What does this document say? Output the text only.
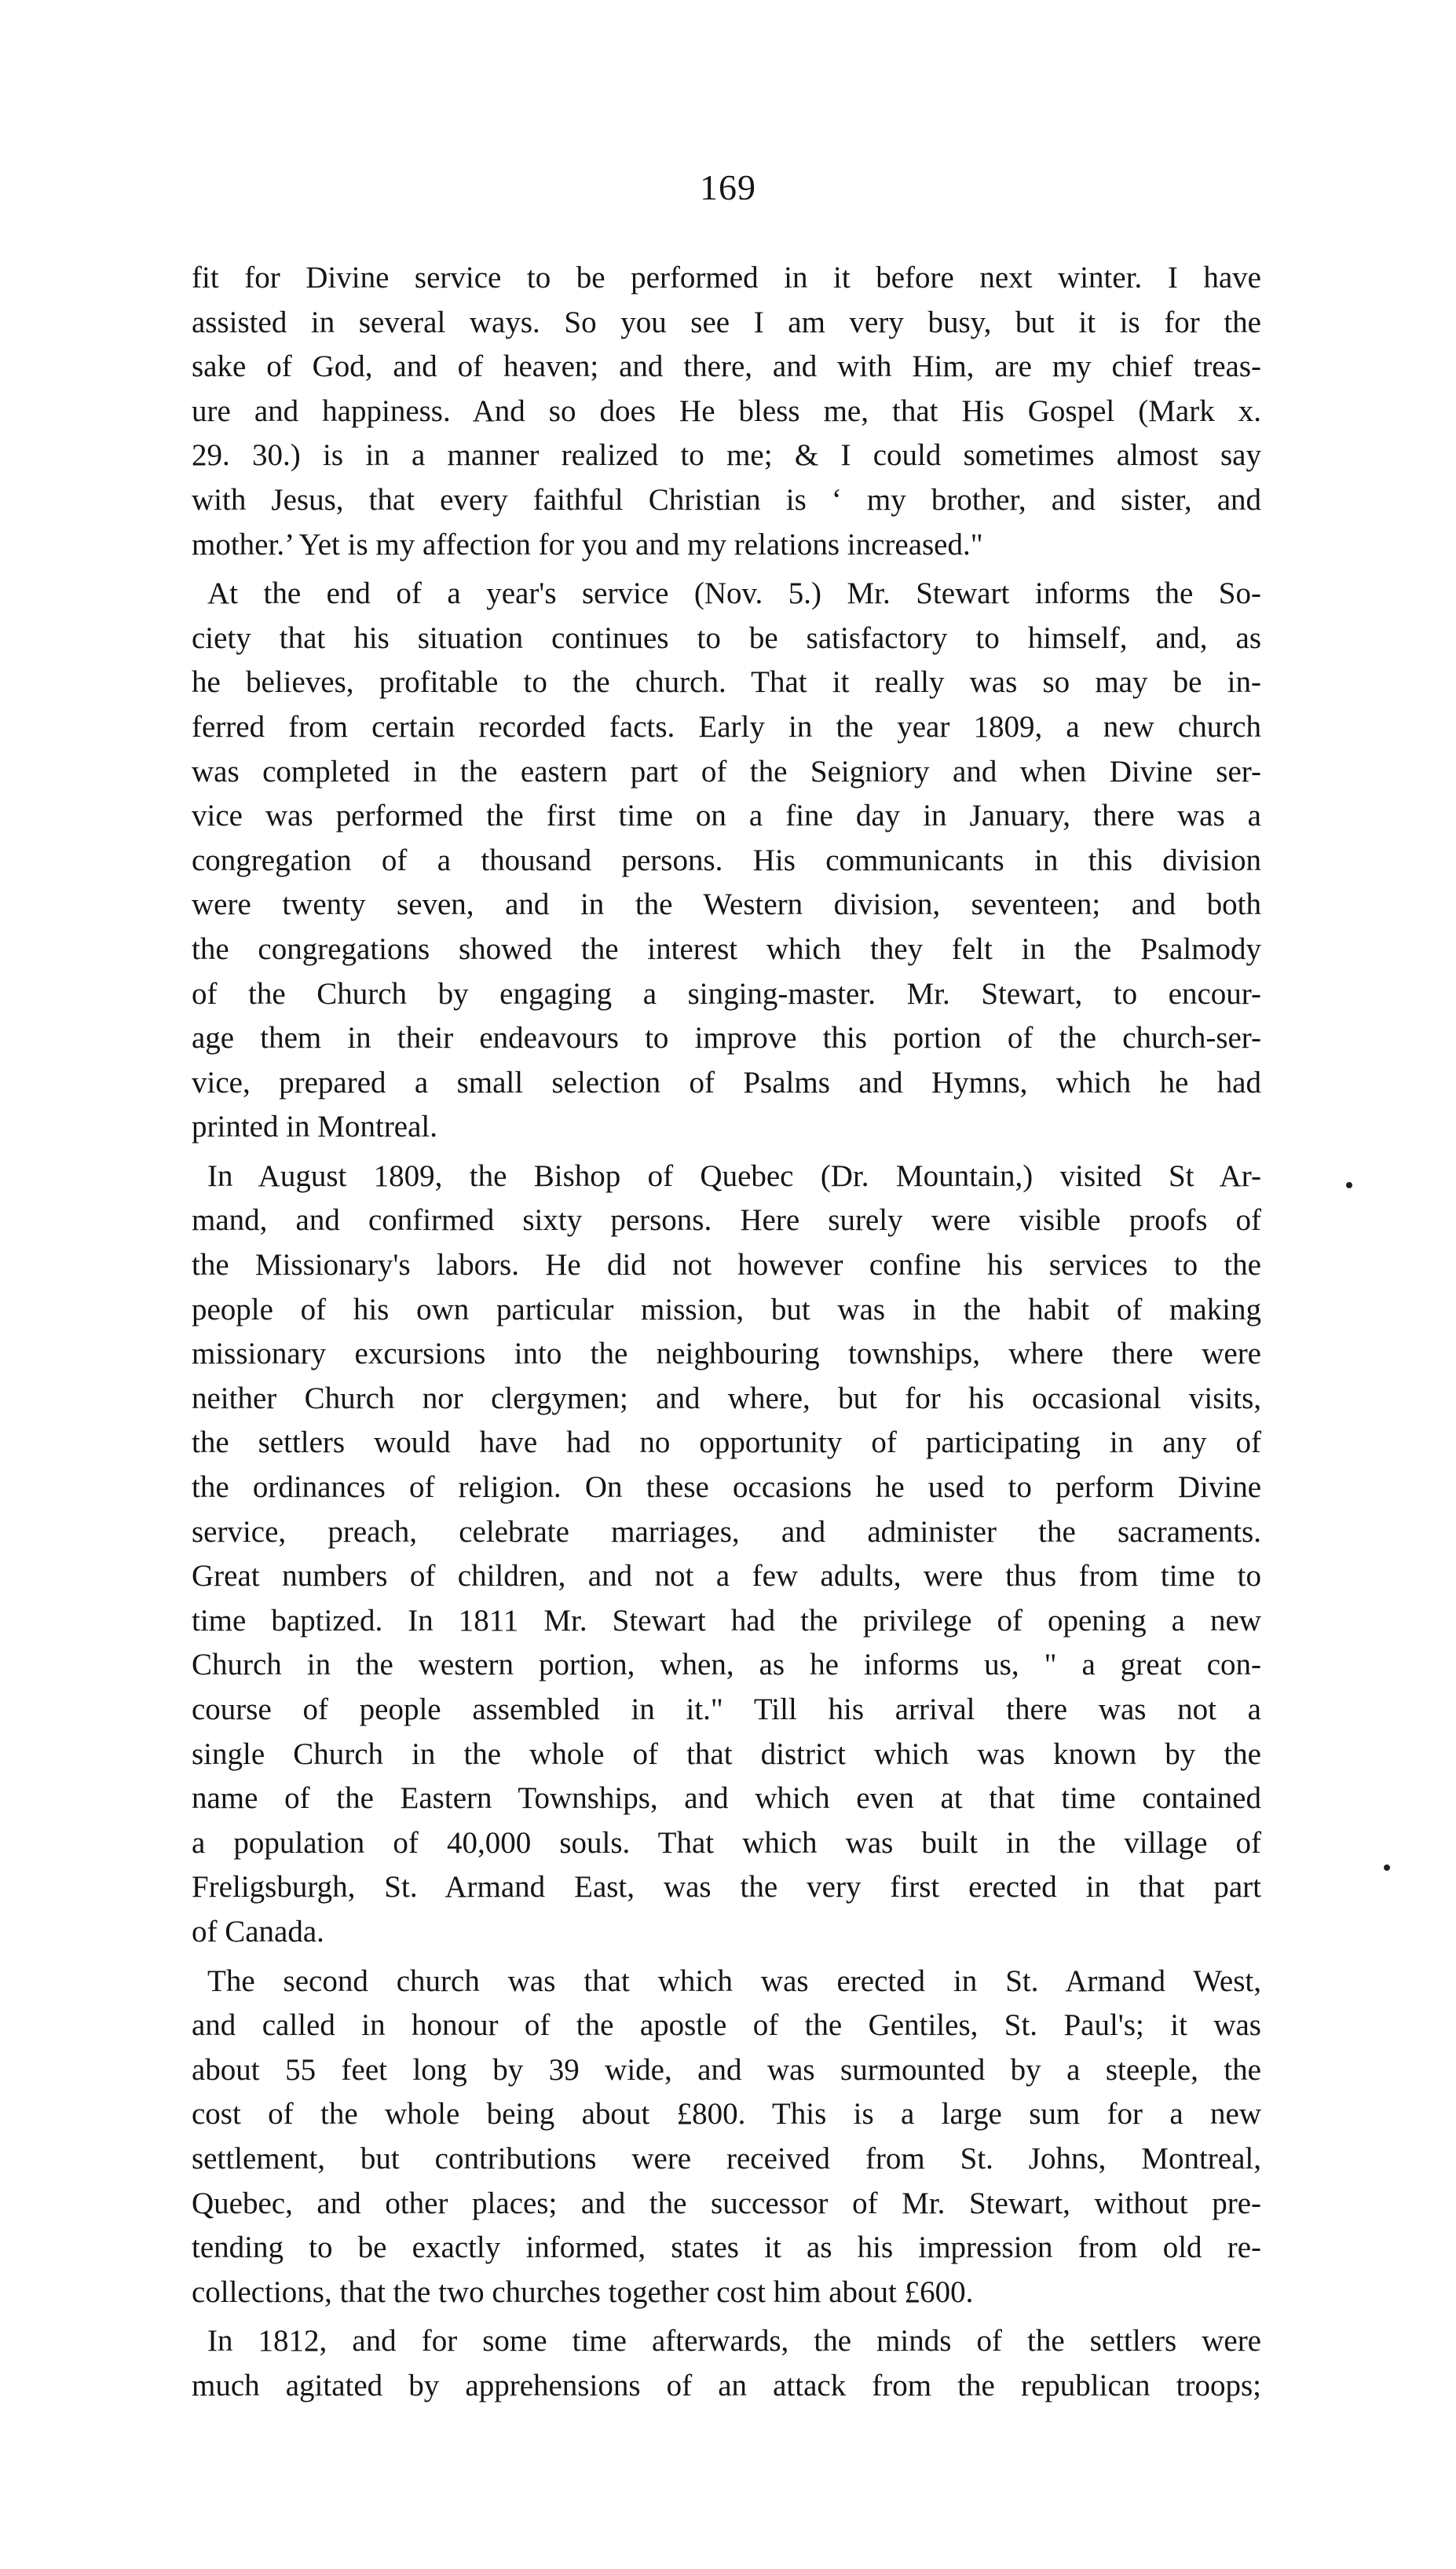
169
fit for Divine service to be performed in it before next winter. I have
assisted in several ways. So you see I am very busy, but it is for the
sake of God, and of heaven; and there, and with Him, are my chief treas-
ure and happiness. And so does He bless me, that His Gospel (Mark x.
29. 30.) is in a manner realized to me; & I could sometimes almost say
with Jesus, that every faithful Christian is ‘ my brother, and sister, and
mother.’ Yet is my affection for you and my relations increased."
At the end of a year's service (Nov. 5.) Mr. Stewart informs the So-
ciety that his situation continues to be satisfactory to himself, and, as
he believes, profitable to the church. That it really was so may be in-
ferred from certain recorded facts. Early in the year 1809, a new church
was completed in the eastern part of the Seigniory and when Divine ser-
vice was performed the first time on a fine day in January, there was a
congregation of a thousand persons. His communicants in this division
were twenty seven, and in the Western division, seventeen; and both
the congregations showed the interest which they felt in the Psalmody
of the Church by engaging a singing-master. Mr. Stewart, to encour-
age them in their endeavours to improve this portion of the church-ser-
vice, prepared a small selection of Psalms and Hymns, which he had
printed in Montreal.
In August 1809, the Bishop of Quebec (Dr. Mountain,) visited St Ar-
mand, and confirmed sixty persons. Here surely were visible proofs of
the Missionary's labors. He did not however confine his services to the
people of his own particular mission, but was in the habit of making
missionary excursions into the neighbouring townships, where there were
neither Church nor clergymen; and where, but for his occasional visits,
the settlers would have had no opportunity of participating in any of
the ordinances of religion. On these occasions he used to perform Divine
service, preach, celebrate marriages, and administer the sacraments.
Great numbers of children, and not a few adults, were thus from time to
time baptized. In 1811 Mr. Stewart had the privilege of opening a new
Church in the western portion, when, as he informs us, " a great con-
course of people assembled in it." Till his arrival there was not a
single Church in the whole of that district which was known by the
name of the Eastern Townships, and which even at that time contained
a population of 40,000 souls. That which was built in the village of
Freligsburgh, St. Armand East, was the very first erected in that part
of Canada.
The second church was that which was erected in St. Armand West,
and called in honour of the apostle of the Gentiles, St. Paul's; it was
about 55 feet long by 39 wide, and was surmounted by a steeple, the
cost of the whole being about £800. This is a large sum for a new
settlement, but contributions were received from St. Johns, Montreal,
Quebec, and other places; and the successor of Mr. Stewart, without pre-
tending to be exactly informed, states it as his impression from old re-
collections, that the two churches together cost him about £600.
In 1812, and for some time afterwards, the minds of the settlers were
much agitated by apprehensions of an attack from the republican troops;
